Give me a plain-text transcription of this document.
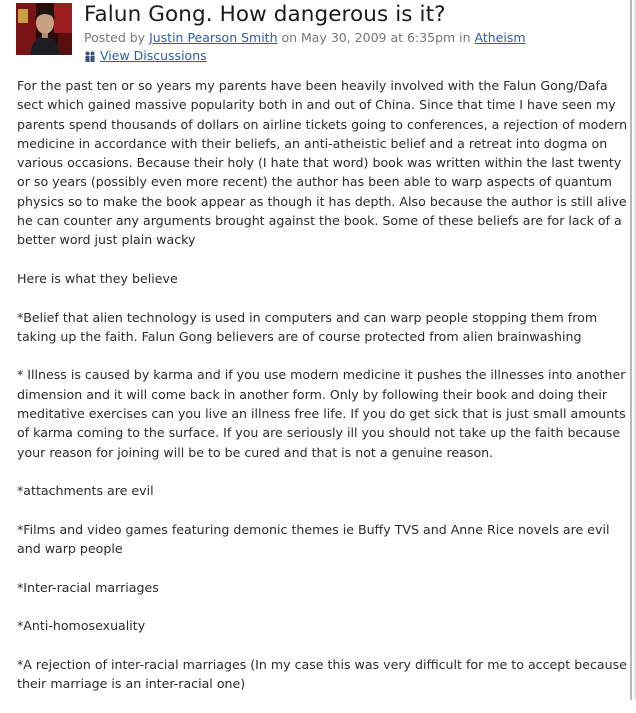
Falun Gong. How dangerous is it?
Posted by Justin Pearson Smith on May 30, 2009 at 6:35pm in Atheism
View Discussions

For the past ten or so years my parents have been heavily involved with the Falun Gong/Dafa sect which gained massive popularity both in and out of China. Since that time I have seen my parents spend thousands of dollars on airline tickets going to conferences, a rejection of modern medicine in accordance with their beliefs, an anti-atheistic belief and a retreat into dogma on various occasions. Because their holy (I hate that word) book was written within the last twenty or so years (possibly even more recent) the author has been able to warp aspects of quantum physics so to make the book appear as though it has depth. Also because the author is still alive he can counter any arguments brought against the book. Some of these beliefs are for lack of a better word just plain wacky

Here is what they believe

*Belief that alien technology is used in computers and can warp people stopping them from taking up the faith. Falun Gong believers are of course protected from alien brainwashing

* Illness is caused by karma and if you use modern medicine it pushes the illnesses into another dimension and it will come back in another form. Only by following their book and doing their meditative exercises can you live an illness free life. If you do get sick that is just small amounts of karma coming to the surface. If you are seriously ill you should not take up the faith because your reason for joining will be to be cured and that is not a genuine reason.

*attachments are evil

*Films and video games featuring demonic themes ie Buffy TVS and Anne Rice novels are evil and warp people

*Inter-racial marriages

*Anti-homosexuality

*A rejection of inter-racial marriages (In my case this was very difficult for me to accept because their marriage is an inter-racial one)
